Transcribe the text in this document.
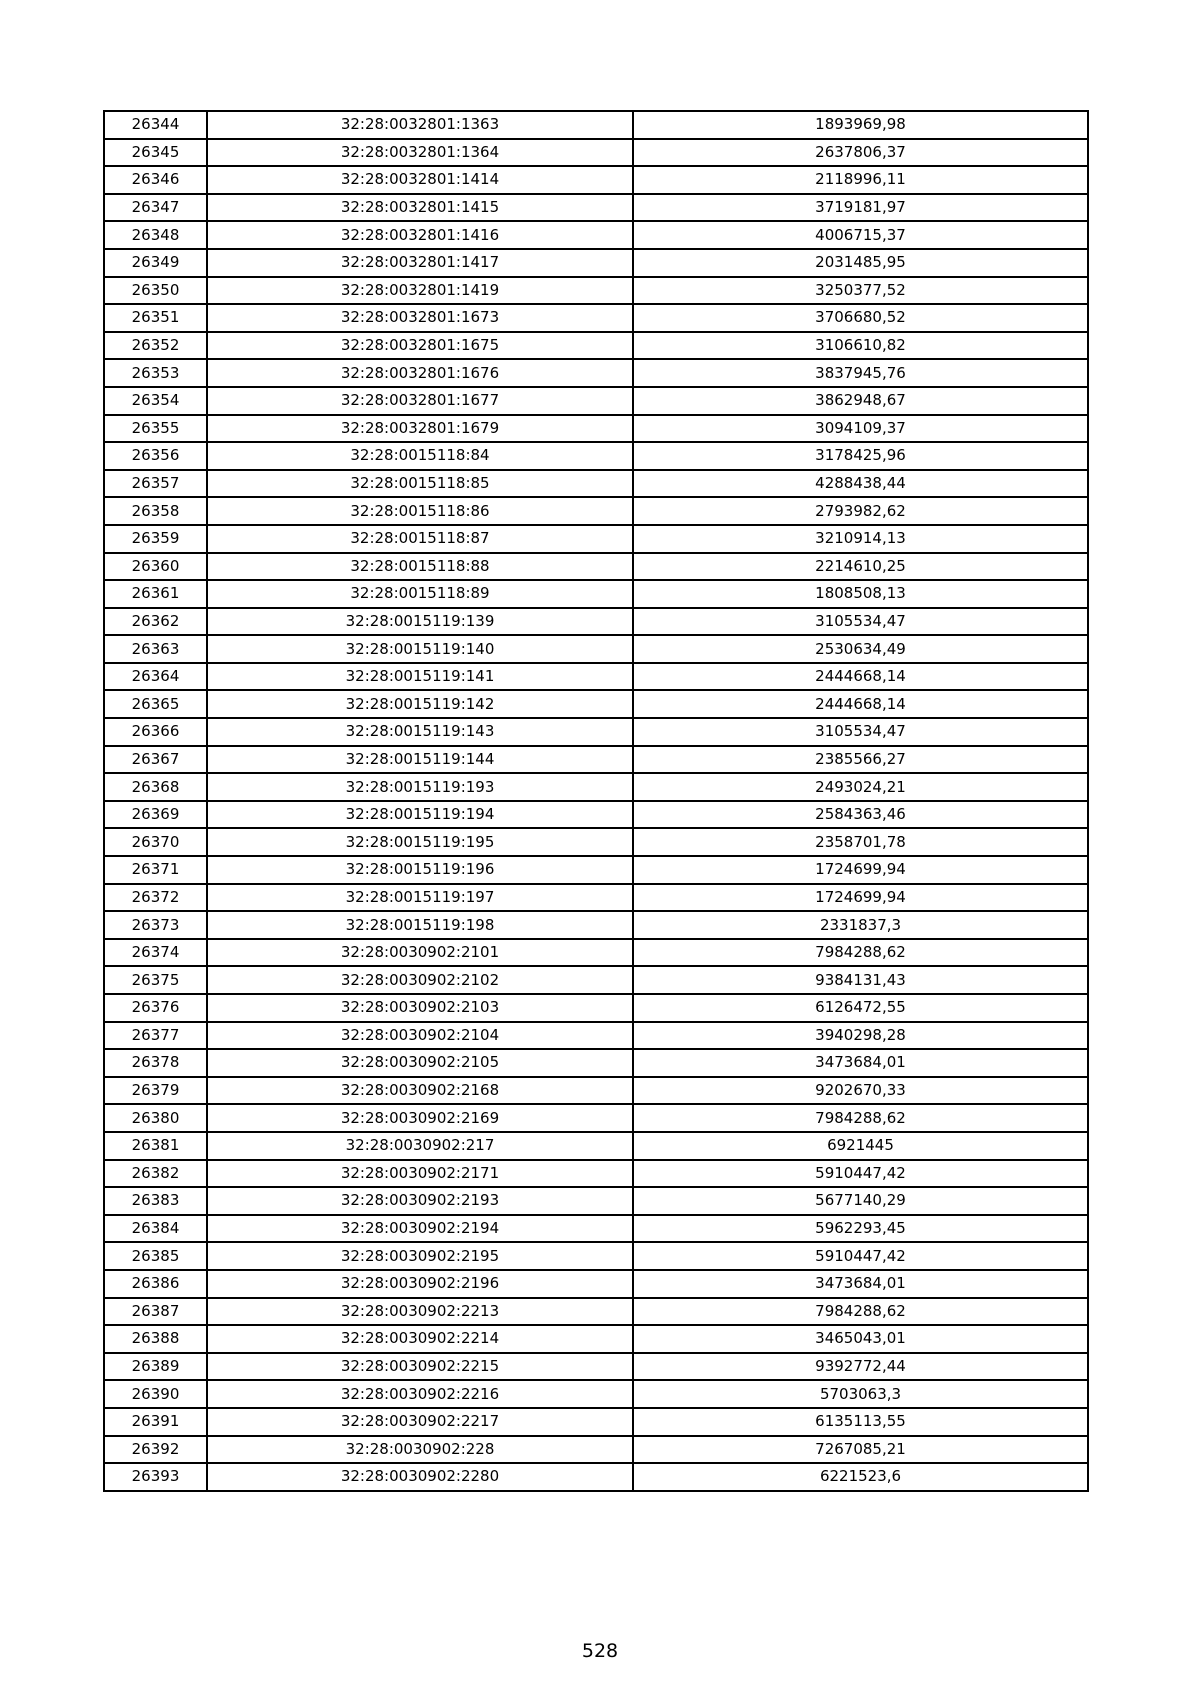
26344	32:28:0032801:1363	1893969,98
26345	32:28:0032801:1364	2637806,37
26346	32:28:0032801:1414	2118996,11
26347	32:28:0032801:1415	3719181,97
26348	32:28:0032801:1416	4006715,37
26349	32:28:0032801:1417	2031485,95
26350	32:28:0032801:1419	3250377,52
26351	32:28:0032801:1673	3706680,52
26352	32:28:0032801:1675	3106610,82
26353	32:28:0032801:1676	3837945,76
26354	32:28:0032801:1677	3862948,67
26355	32:28:0032801:1679	3094109,37
26356	32:28:0015118:84	3178425,96
26357	32:28:0015118:85	4288438,44
26358	32:28:0015118:86	2793982,62
26359	32:28:0015118:87	3210914,13
26360	32:28:0015118:88	2214610,25
26361	32:28:0015118:89	1808508,13
26362	32:28:0015119:139	3105534,47
26363	32:28:0015119:140	2530634,49
26364	32:28:0015119:141	2444668,14
26365	32:28:0015119:142	2444668,14
26366	32:28:0015119:143	3105534,47
26367	32:28:0015119:144	2385566,27
26368	32:28:0015119:193	2493024,21
26369	32:28:0015119:194	2584363,46
26370	32:28:0015119:195	2358701,78
26371	32:28:0015119:196	1724699,94
26372	32:28:0015119:197	1724699,94
26373	32:28:0015119:198	2331837,3
26374	32:28:0030902:2101	7984288,62
26375	32:28:0030902:2102	9384131,43
26376	32:28:0030902:2103	6126472,55
26377	32:28:0030902:2104	3940298,28
26378	32:28:0030902:2105	3473684,01
26379	32:28:0030902:2168	9202670,33
26380	32:28:0030902:2169	7984288,62
26381	32:28:0030902:217	6921445
26382	32:28:0030902:2171	5910447,42
26383	32:28:0030902:2193	5677140,29
26384	32:28:0030902:2194	5962293,45
26385	32:28:0030902:2195	5910447,42
26386	32:28:0030902:2196	3473684,01
26387	32:28:0030902:2213	7984288,62
26388	32:28:0030902:2214	3465043,01
26389	32:28:0030902:2215	9392772,44
26390	32:28:0030902:2216	5703063,3
26391	32:28:0030902:2217	6135113,55
26392	32:28:0030902:228	7267085,21
26393	32:28:0030902:2280	6221523,6
528
